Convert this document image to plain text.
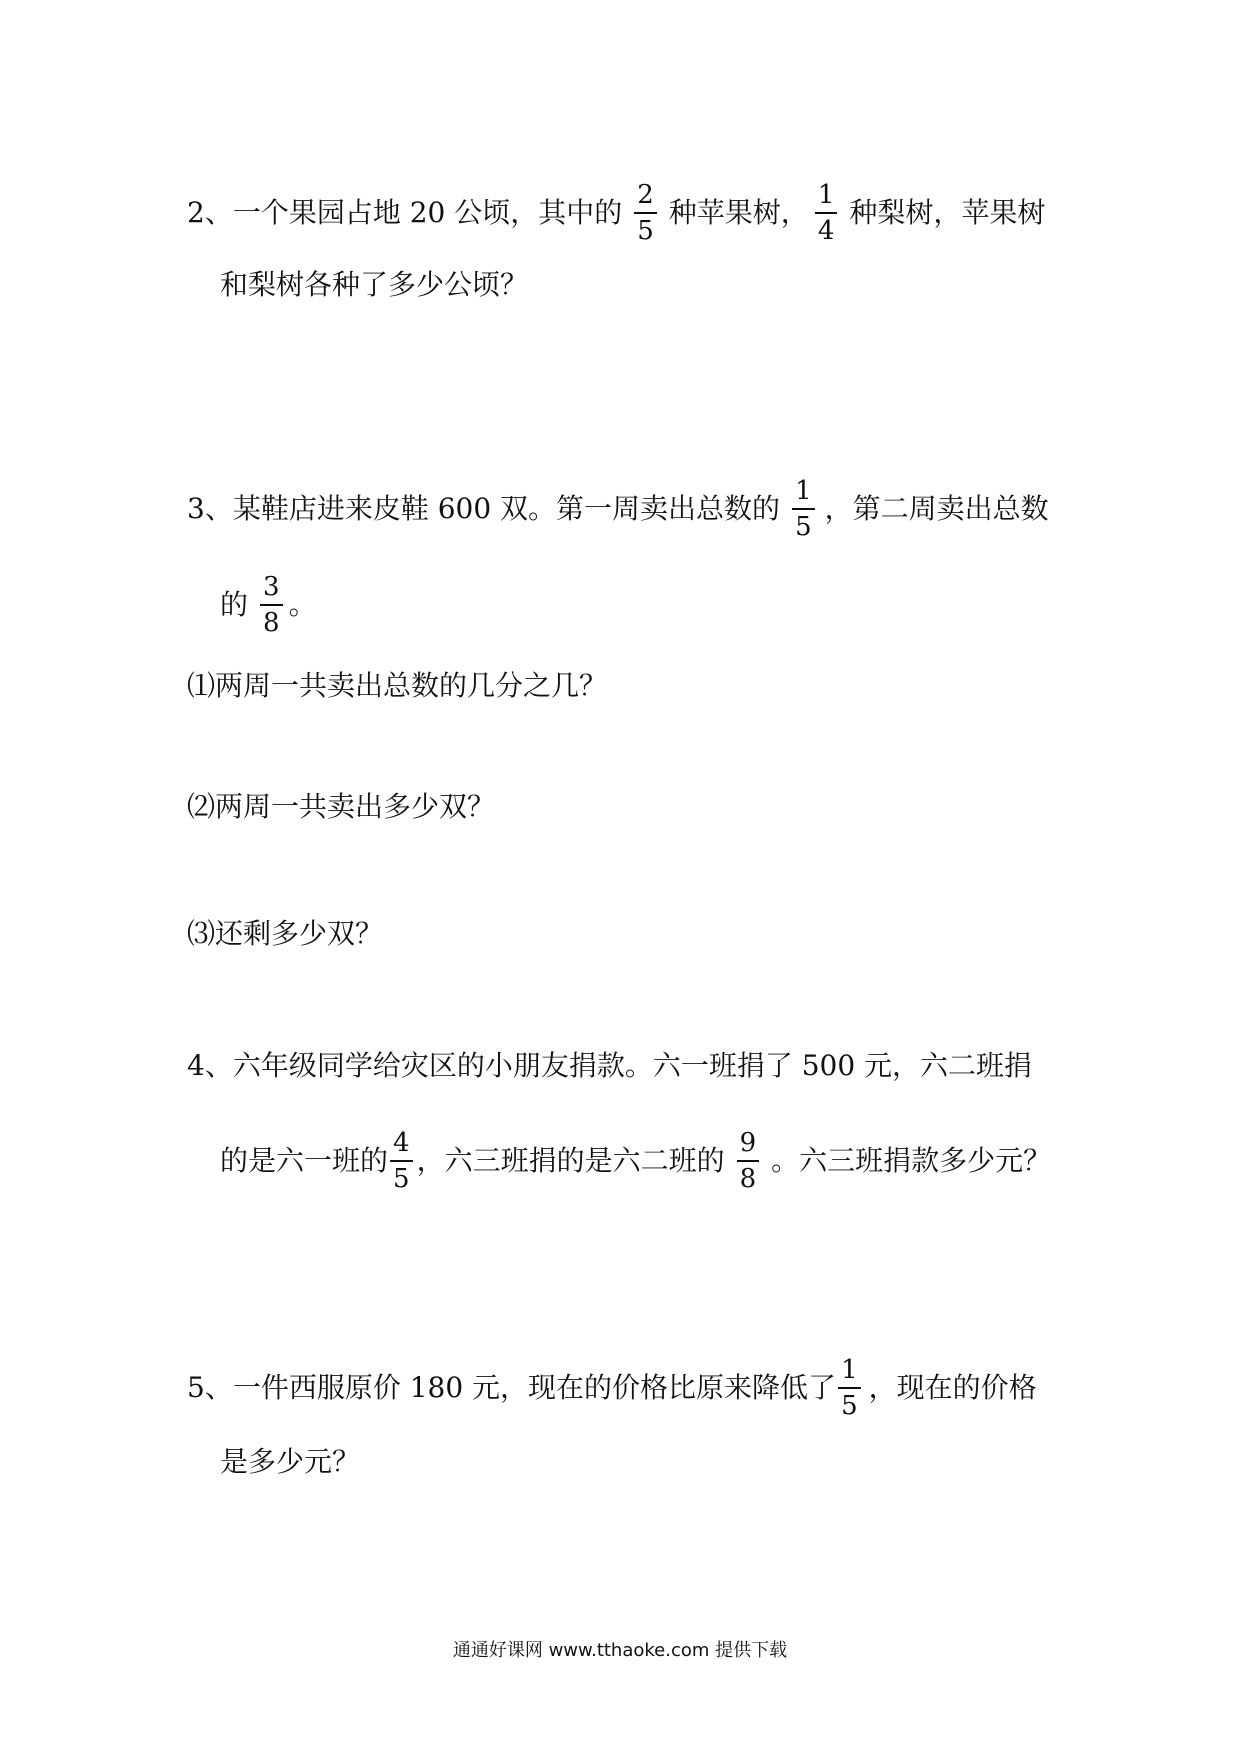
2、一个果园占地 20 公顷，其中的 $\frac{2}{5}$ 种苹果树， $\frac{1}{4}$ 种梨树，苹果树
和梨树各种了多少公顷？
3、某鞋店进来皮鞋 600 双。第一周卖出总数的 $\frac{1}{5}$ ，第二周卖出总数
的 $\frac{3}{8}$ 。
⑴两周一共卖出总数的几分之几？
⑵两周一共卖出多少双？
⑶还剩多少双？
4、六年级同学给灾区的小朋友捐款。六一班捐了 500 元，六二班捐
的是六一班的 $\frac{4}{5}$ ，六三班捐的是六二班的 $\frac{9}{8}$ 。六三班捐款多少元？
5、一件西服原价 180 元，现在的价格比原来降低了 $\frac{1}{5}$ ，现在的价格
是多少元？
通通好课网 www.tthaoke.com 提供下载
